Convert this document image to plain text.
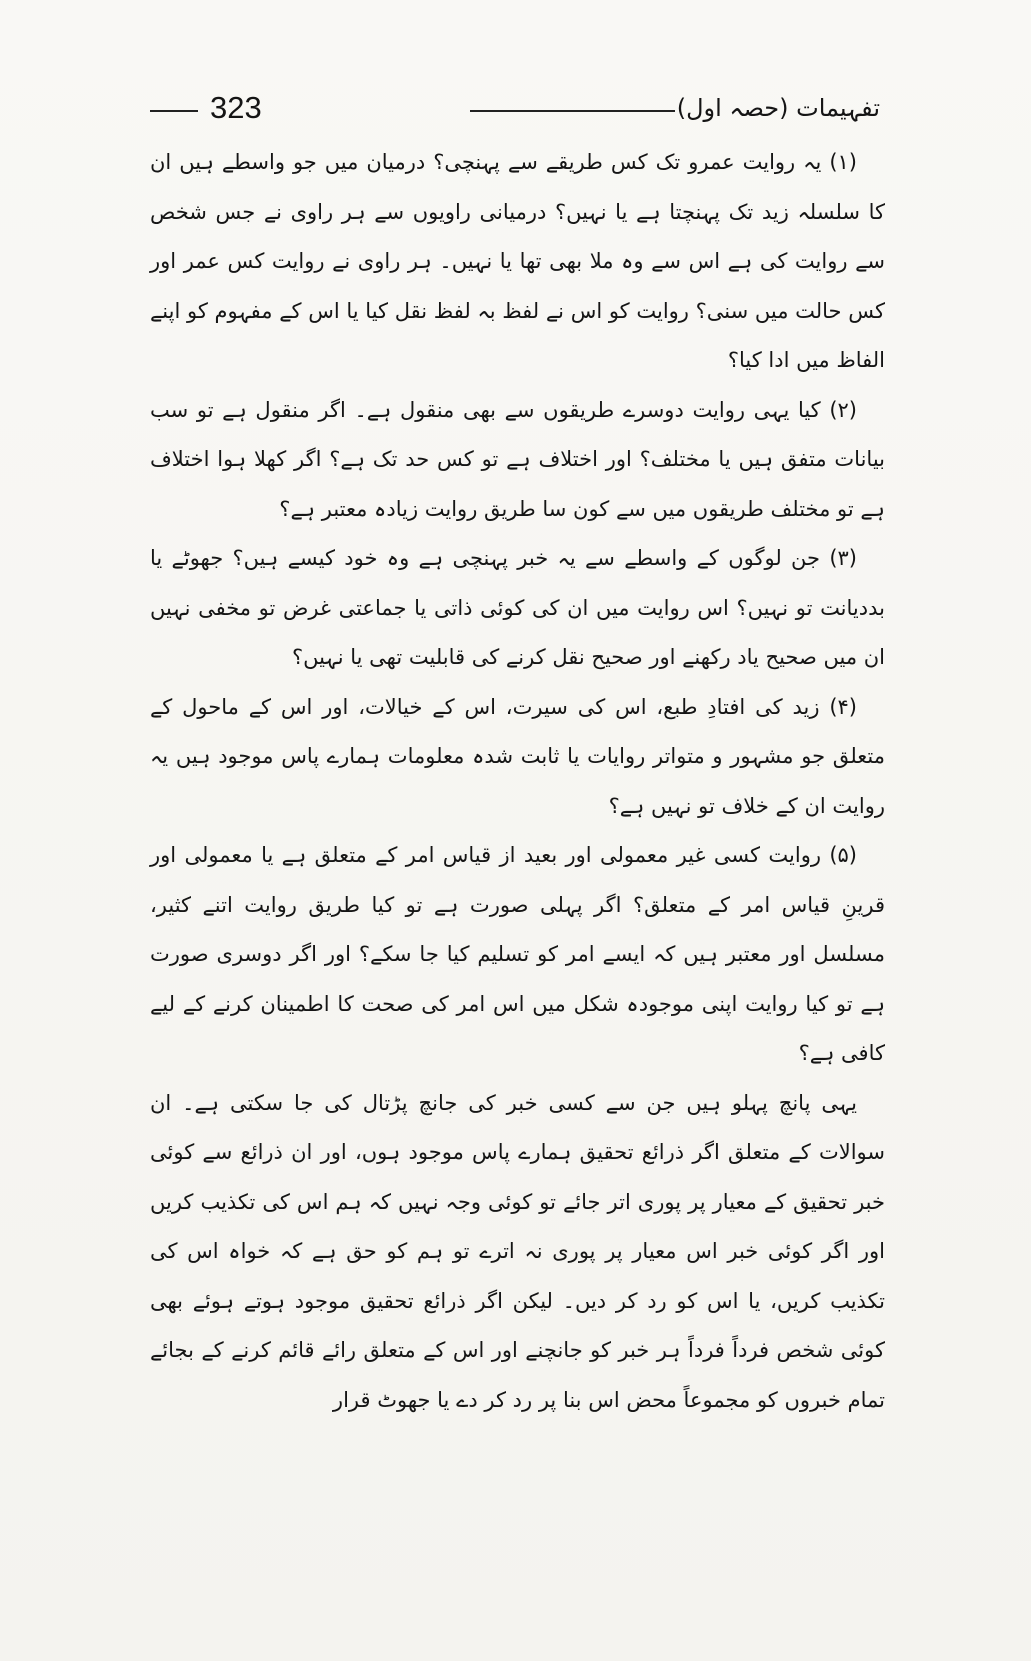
تفہیمات (حصہ اول)
323

(۱) یہ روایت عمرو تک کس طریقے سے پہنچی؟ درمیان میں جو واسطے ہیں ان کا سلسلہ زید تک پہنچتا ہے یا نہیں؟ درمیانی راویوں سے ہر راوی نے جس شخص سے روایت کی ہے اس سے وہ ملا بھی تھا یا نہیں۔ ہر راوی نے روایت کس عمر اور کس حالت میں سنی؟ روایت کو اس نے لفظ بہ لفظ نقل کیا یا اس کے مفہوم کو اپنے الفاظ میں ادا کیا؟

(۲) کیا یہی روایت دوسرے طریقوں سے بھی منقول ہے۔ اگر منقول ہے تو سب بیانات متفق ہیں یا مختلف؟ اور اختلاف ہے تو کس حد تک ہے؟ اگر کھلا ہوا اختلاف ہے تو مختلف طریقوں میں سے کون سا طریق روایت زیادہ معتبر ہے؟

(۳) جن لوگوں کے واسطے سے یہ خبر پہنچی ہے وہ خود کیسے ہیں؟ جھوٹے یا بددیانت تو نہیں؟ اس روایت میں ان کی کوئی ذاتی یا جماعتی غرض تو مخفی نہیں ان میں صحیح یاد رکھنے اور صحیح نقل کرنے کی قابلیت تھی یا نہیں؟

(۴) زید کی افتادِ طبع، اس کی سیرت، اس کے خیالات، اور اس کے ماحول کے متعلق جو مشہور و متواتر روایات یا ثابت شدہ معلومات ہمارے پاس موجود ہیں یہ روایت ان کے خلاف تو نہیں ہے؟

(۵) روایت کسی غیر معمولی اور بعید از قیاس امر کے متعلق ہے یا معمولی اور قرینِ قیاس امر کے متعلق؟ اگر پہلی صورت ہے تو کیا طریق روایت اتنے کثیر، مسلسل اور معتبر ہیں کہ ایسے امر کو تسلیم کیا جا سکے؟ اور اگر دوسری صورت ہے تو کیا روایت اپنی موجودہ شکل میں اس امر کی صحت کا اطمینان کرنے کے لیے کافی ہے؟

یہی پانچ پہلو ہیں جن سے کسی خبر کی جانچ پڑتال کی جا سکتی ہے۔ ان سوالات کے متعلق اگر ذرائع تحقیق ہمارے پاس موجود ہوں، اور ان ذرائع سے کوئی خبر تحقیق کے معیار پر پوری اتر جائے تو کوئی وجہ نہیں کہ ہم اس کی تکذیب کریں اور اگر کوئی خبر اس معیار پر پوری نہ اترے تو ہم کو حق ہے کہ خواہ اس کی تکذیب کریں، یا اس کو رد کر دیں۔ لیکن اگر ذرائع تحقیق موجود ہوتے ہوئے بھی کوئی شخص فرداً فرداً ہر خبر کو جانچنے اور اس کے متعلق رائے قائم کرنے کے بجائے تمام خبروں کو مجموعاً محض اس بنا پر رد کر دے یا جھوٹ قرار
